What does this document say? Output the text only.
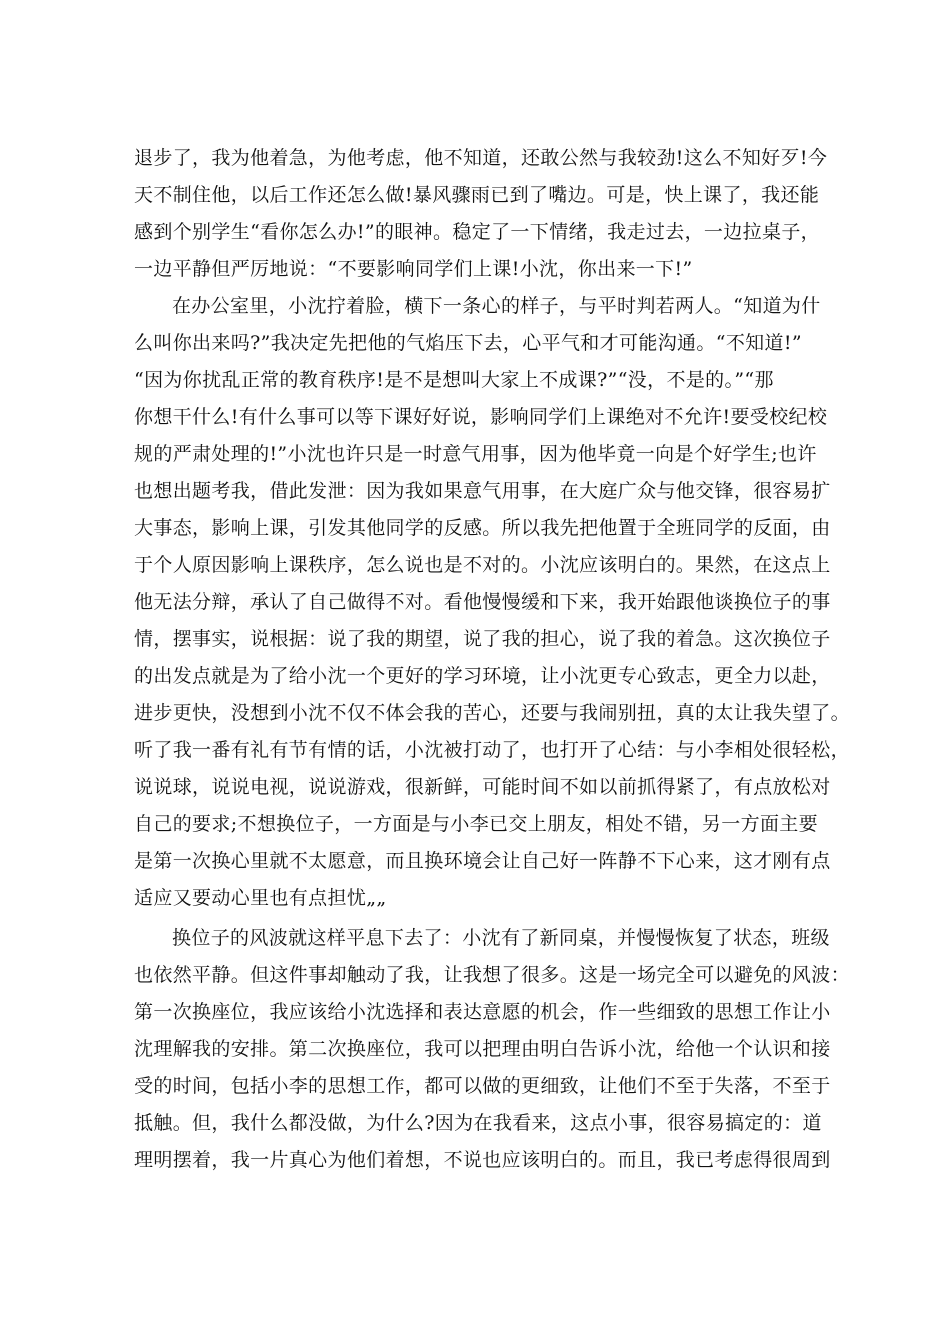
退步了，我为他着急，为他考虑，他不知道，还敢公然与我较劲!这么不知好歹!今
天不制住他，以后工作还怎么做!暴风骤雨已到了嘴边。可是，快上课了，我还能
感到个别学生“看你怎么办!”的眼神。稳定了一下情绪，我走过去，一边拉桌子，
一边平静但严厉地说：“不要影响同学们上课!小沈，你出来一下!”
在办公室里，小沈拧着脸，横下一条心的样子，与平时判若两人。“知道为什
么叫你出来吗?”我决定先把他的气焰压下去，心平气和才可能沟通。“不知道!”
“因为你扰乱正常的教育秩序!是不是想叫大家上不成课?”“没，不是的。”“那
你想干什么!有什么事可以等下课好好说，影响同学们上课绝对不允许!要受校纪校
规的严肃处理的!”小沈也许只是一时意气用事，因为他毕竟一向是个好学生;也许
也想出题考我，借此发泄：因为我如果意气用事，在大庭广众与他交锋，很容易扩
大事态，影响上课，引发其他同学的反感。所以我先把他置于全班同学的反面，由
于个人原因影响上课秩序，怎么说也是不对的。小沈应该明白的。果然，在这点上
他无法分辩，承认了自己做得不对。看他慢慢缓和下来，我开始跟他谈换位子的事
情，摆事实，说根据：说了我的期望，说了我的担心，说了我的着急。这次换位子
的出发点就是为了给小沈一个更好的学习环境，让小沈更专心致志，更全力以赴，
进步更快，没想到小沈不仅不体会我的苦心，还要与我闹别扭，真的太让我失望了。
听了我一番有礼有节有情的话，小沈被打动了，也打开了心结：与小李相处很轻松，
说说球，说说电视，说说游戏，很新鲜，可能时间不如以前抓得紧了，有点放松对
自己的要求;不想换位子，一方面是与小李已交上朋友，相处不错，另一方面主要
是第一次换心里就不太愿意，而且换环境会让自己好一阵静不下心来，这才刚有点
适应又要动心里也有点担忧„„
换位子的风波就这样平息下去了：小沈有了新同桌，并慢慢恢复了状态，班级
也依然平静。但这件事却触动了我，让我想了很多。这是一场完全可以避免的风波：
第一次换座位，我应该给小沈选择和表达意愿的机会，作一些细致的思想工作让小
沈理解我的安排。第二次换座位，我可以把理由明白告诉小沈，给他一个认识和接
受的时间，包括小李的思想工作，都可以做的更细致，让他们不至于失落，不至于
抵触。但，我什么都没做，为什么?因为在我看来，这点小事，很容易搞定的：道
理明摆着，我一片真心为他们着想，不说也应该明白的。而且，我已考虑得很周到
